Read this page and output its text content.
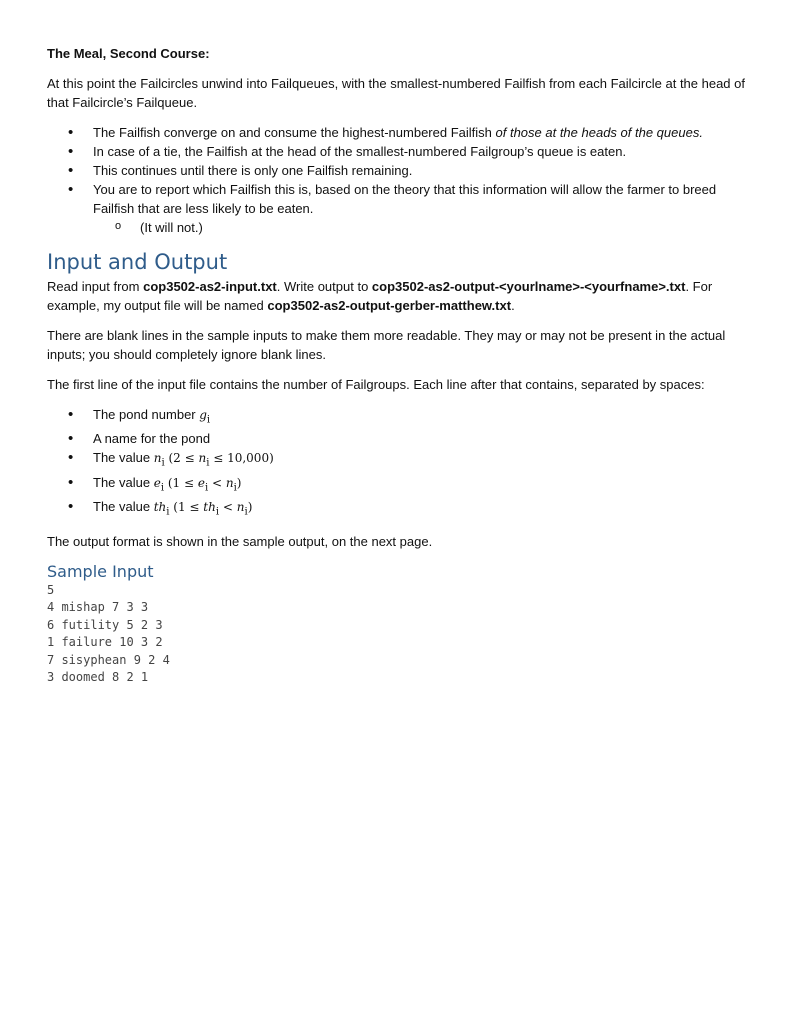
The Meal, Second Course:

At this point the Failcircles unwind into Failqueues, with the smallest-numbered Failfish from each Failcircle at the head of that Failcircle’s Failqueue.

• The Failfish converge on and consume the highest-numbered Failfish of those at the heads of the queues.
• In case of a tie, the Failfish at the head of the smallest-numbered Failgroup’s queue is eaten.
• This continues until there is only one Failfish remaining.
• You are to report which Failfish this is, based on the theory that this information will allow the farmer to breed Failfish that are less likely to be eaten.
o (It will not.)
Input and Output

Read input from cop3502-as2-input.txt. Write output to cop3502-as2-output-<yourlname>-<yourfname>.txt. For example, my output file will be named cop3502-as2-output-gerber-matthew.txt.

There are blank lines in the sample inputs to make them more readable. They may or may not be present in the actual inputs; you should completely ignore blank lines.

The first line of the input file contains the number of Failgroups. Each line after that contains, separated by spaces:

• The pond number $g_i$
• A name for the pond
• The value $n_i$ $(2 \le n_i \le 10,000)$
• The value $e_i$ $(1 \le e_i < n_i)$
• The value $th_i$ $(1 \le th_i < n_i)$

The output format is shown in the sample output, on the next page.

Sample Input
5
4 mishap 7 3 3
6 futility 5 2 3
1 failure 10 3 2
7 sisyphean 9 2 4
3 doomed 8 2 1
